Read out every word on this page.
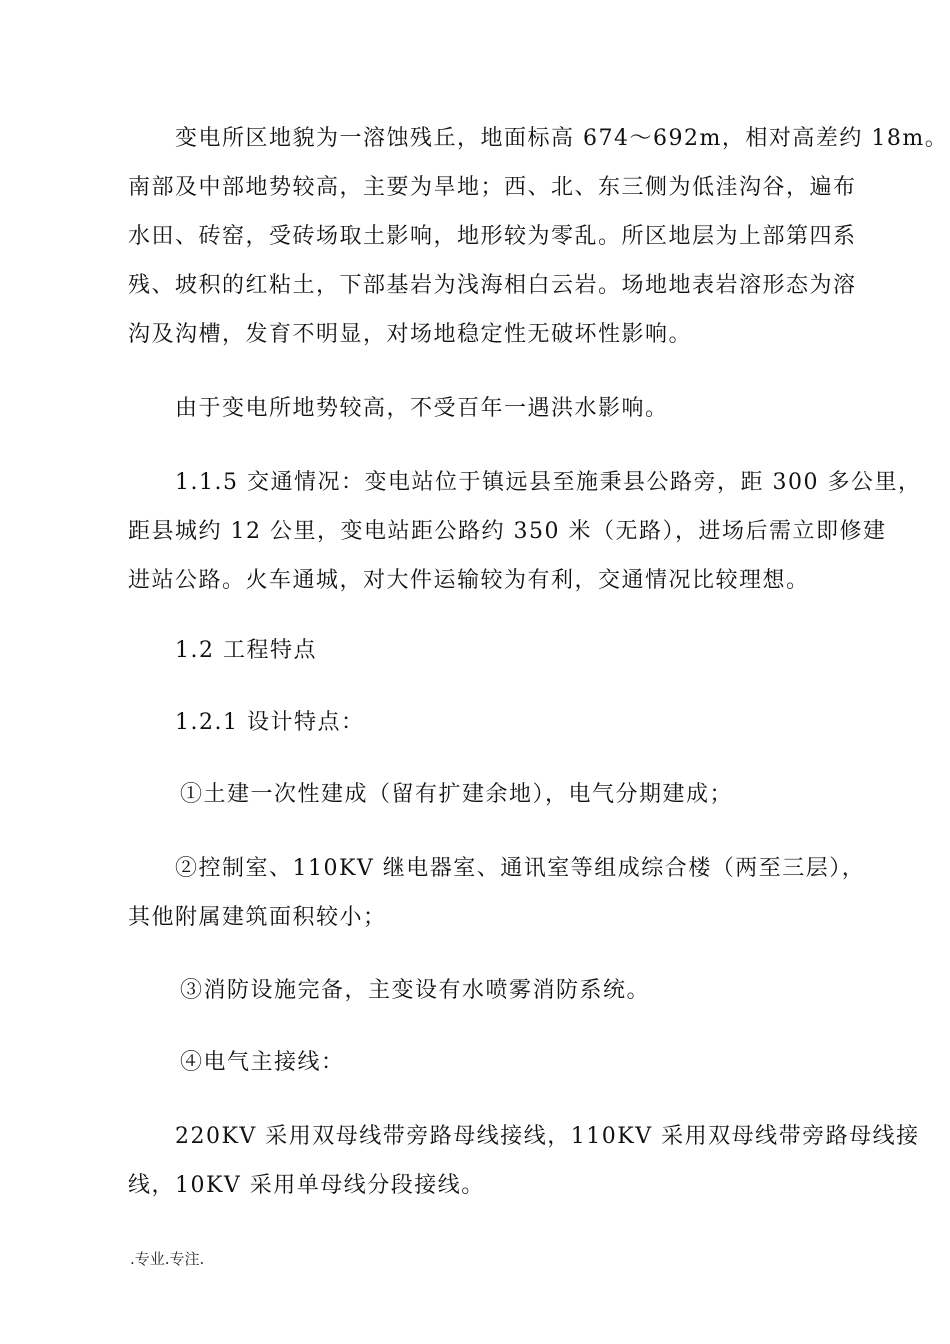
　　变电所区地貌为一溶蚀残丘，地面标高 674～692m，相对高差约 18m。
南部及中部地势较高，主要为旱地；西、北、东三侧为低洼沟谷，遍布
水田、砖窑，受砖场取土影响，地形较为零乱。所区地层为上部第四系
残、坡积的红粘土，下部基岩为浅海相白云岩。场地地表岩溶形态为溶
沟及沟槽，发育不明显，对场地稳定性无破坏性影响。

　　由于变电所地势较高，不受百年一遇洪水影响。

　　1.1.5 交通情况：变电站位于镇远县至施秉县公路旁，距 300 多公里，
距县城约 12 公里，变电站距公路约 350 米（无路），进场后需立即修建
进站公路。火车通城，对大件运输较为有利，交通情况比较理想。

　　1.2 工程特点

　　1.2.1 设计特点：

①土建一次性建成（留有扩建余地），电气分期建成；

　　②控制室、110KV 继电器室、通讯室等组成综合楼（两至三层），
其他附属建筑面积较小；

③消防设施完备，主变设有水喷雾消防系统。

④电气主接线：

　　220KV 采用双母线带旁路母线接线，110KV 采用双母线带旁路母线接
线，10KV 采用单母线分段接线。
.专业.专注.
